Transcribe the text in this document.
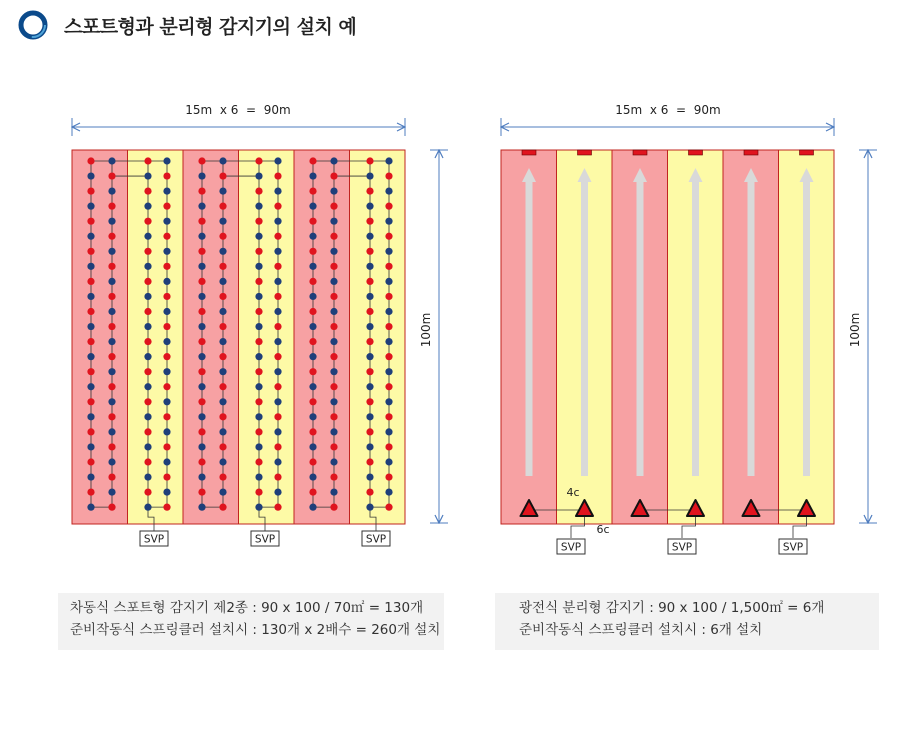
스포트형과 분리형 감지기의 설치 예
SVP	SVP	SVP
15m  x 6  =  90m
100m
SVP	SVP	SVP
15m  x 6  =  90m
100m
4c
6c
차동식 스포트형 감지기 제2종 : 90 x 100 / 70㎡ = 130개
준비작동식 스프링클러 설치시 : 130개 x 2배수 = 260개 설치
광전식 분리형 감지기 : 90 x 100 / 1,500㎡ = 6개
준비작동식 스프링클러 설치시 : 6개 설치
